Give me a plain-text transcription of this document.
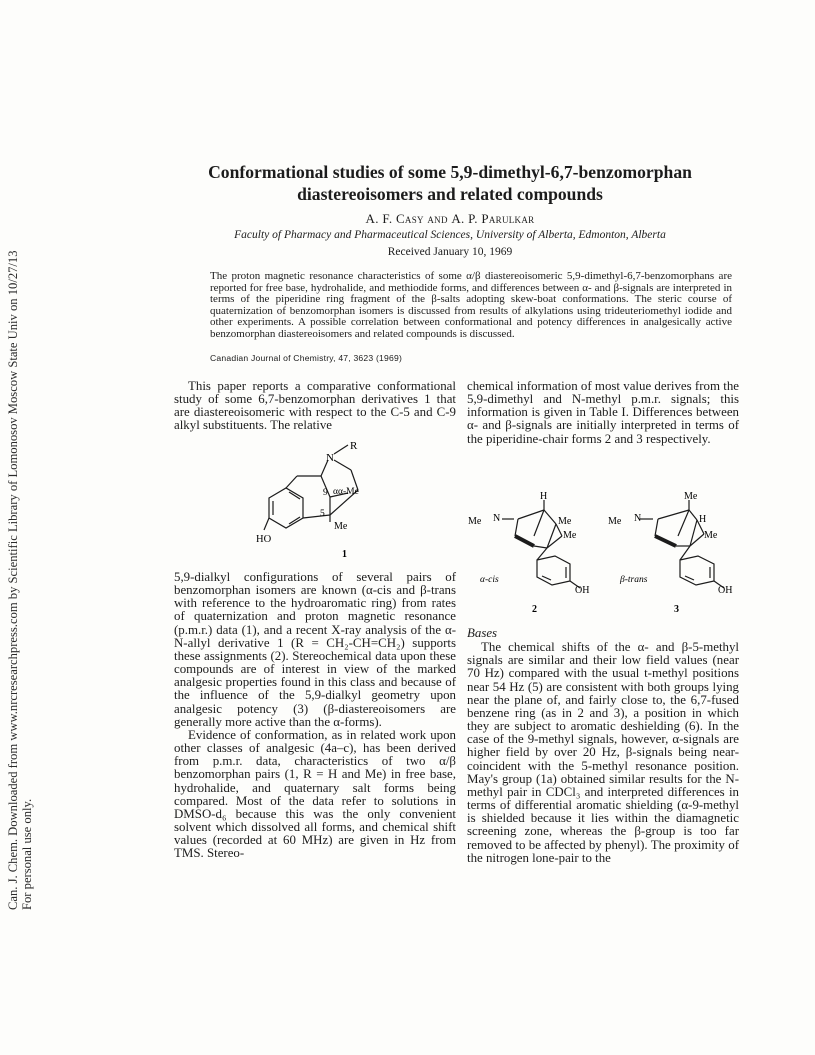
Can. J. Chem. Downloaded from www.nrcresearchpress.com by Scientific Library of Lomonosov Moscow State Univ on 10/27/13 For personal use only.
Conformational studies of some 5,9-dimethyl-6,7-benzomorphan
diastereoisomers and related compounds
A. F. Casy and A. P. Parulkar
Faculty of Pharmacy and Pharmaceutical Sciences, University of Alberta, Edmonton, Alberta
Received January 10, 1969

The proton magnetic resonance characteristics of some α/β diastereoisomeric 5,9-dimethyl-6,7-benzomorphans are reported for free base, hydrohalide, and methiodide forms, and differences between α- and β-signals are interpreted in terms of the piperidine ring fragment of the β-salts adopting skew-boat conformations. The steric course of quaternization of benzomorphan isomers is discussed from results of alkylations using trideuteriomethyl iodide and other experiments. A possible correlation between conformational and potency differences in analgesically active benzomorphan diastereoisomers and related compounds is discussed.

Canadian Journal of Chemistry, 47, 3623 (1969)

This paper reports a comparative conformational study of some 6,7-benzomorphan derivatives 1 that are diastereoisomeric with respect to the C-5 and C-9 alkyl substituents. The relative

R
N
9 αα-Me
5
Me
HO
1

5,9-dialkyl configurations of several pairs of benzomorphan isomers are known (α-cis and β-trans with reference to the hydroaromatic ring) from rates of quaternization and proton magnetic resonance (p.m.r.) data (1), and a recent X-ray analysis of the α-N-allyl derivative 1 (R = CH₂-CH=CH₂) supports these assignments (2). Stereochemical data upon these compounds are of interest in view of the marked analgesic properties found in this class and because of the influence of the 5,9-dialkyl geometry upon analgesic potency (3) (β-diastereoisomers are generally more active than the α-forms).

Evidence of conformation, as in related work upon other classes of analgesic (4a–c), has been derived from p.m.r. data, characteristics of two α/β benzomorphan pairs (1, R = H and Me) in free base, hydrohalide, and quaternary salt forms being compared. Most of the data refer to solutions in DMSO-d₆ because this was the only convenient solvent which dissolved all forms, and chemical shift values (recorded at 60 MHz) are given in Hz from TMS. Stereo-

chemical information of most value derives from the 5,9-dimethyl and N-methyl p.m.r. signals; this information is given in Table I. Differences between α- and β-signals are initially interpreted in terms of the piperidine-chair forms 2 and 3 respectively.

H
Me N	Me
Me
α-cis
OH
2
Me
Me N	H
Me
β-trans
OH
3

Bases

The chemical shifts of the α- and β-5-methyl signals are similar and their low field values (near 70 Hz) compared with the usual t-methyl positions near 54 Hz (5) are consistent with both groups lying near the plane of, and fairly close to, the 6,7-fused benzene ring (as in 2 and 3), a position in which they are subject to aromatic deshielding (6). In the case of the 9-methyl signals, however, α-signals are higher field by over 20 Hz, β-signals being near-coincident with the 5-methyl resonance position. May's group (1a) obtained similar results for the N-methyl pair in CDCl₃ and interpreted differences in terms of differential aromatic shielding (α-9-methyl is shielded because it lies within the diamagnetic screening zone, whereas the β-group is too far removed to be affected by phenyl). The proximity of the nitrogen lone-pair to the
